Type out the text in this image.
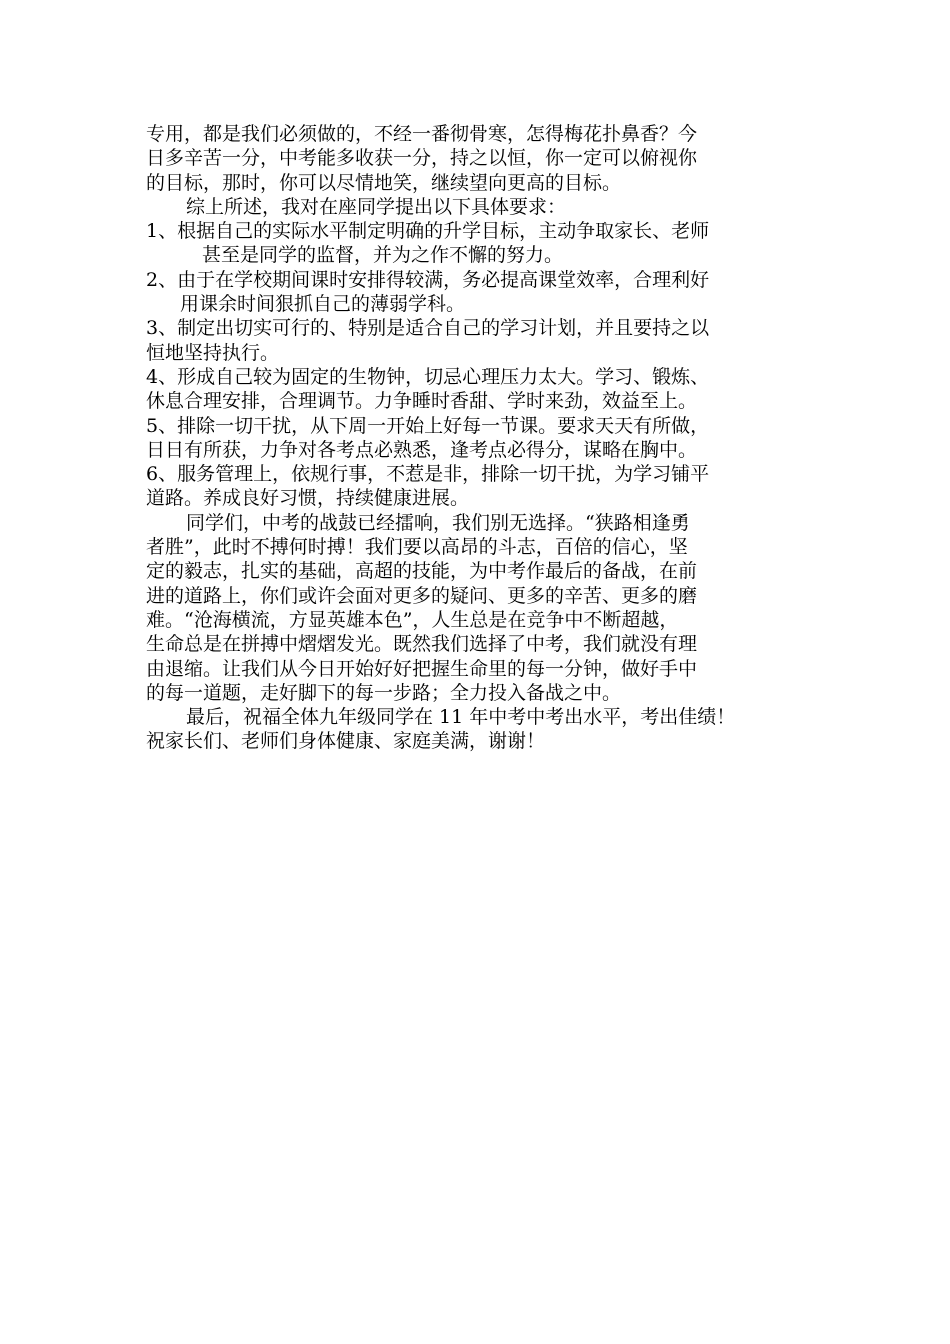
专用，都是我们必须做的，不经一番彻骨寒，怎得梅花扑鼻香？今
日多辛苦一分，中考能多收获一分，持之以恒，你一定可以俯视你
的目标，那时，你可以尽情地笑，继续望向更高的目标。
综上所述，我对在座同学提出以下具体要求：
1、根据自己的实际水平制定明确的升学目标，主动争取家长、老师
甚至是同学的监督，并为之作不懈的努力。
2、由于在学校期间课时安排得较满，务必提高课堂效率，合理利好
用课余时间狠抓自己的薄弱学科。
3、制定出切实可行的、特别是适合自己的学习计划，并且要持之以
恒地坚持执行。
4、形成自己较为固定的生物钟，切忌心理压力太大。学习、锻炼、
休息合理安排，合理调节。力争睡时香甜、学时来劲，效益至上。
5、排除一切干扰，从下周一开始上好每一节课。要求天天有所做，
日日有所获，力争对各考点必熟悉，逢考点必得分，谋略在胸中。
6、服务管理上，依规行事，不惹是非，排除一切干扰，为学习铺平
道路。养成良好习惯，持续健康进展。
同学们，中考的战鼓已经擂响，我们别无选择。“狭路相逢勇
者胜”，此时不搏何时搏！我们要以高昂的斗志，百倍的信心，坚
定的毅志，扎实的基础，高超的技能，为中考作最后的备战，在前
进的道路上，你们或许会面对更多的疑问、更多的辛苦、更多的磨
难。“沧海横流，方显英雄本色”，人生总是在竞争中不断超越，
生命总是在拼搏中熠熠发光。既然我们选择了中考，我们就没有理
由退缩。让我们从今日开始好好把握生命里的每一分钟，做好手中
的每一道题，走好脚下的每一步路；全力投入备战之中。
最后，祝福全体九年级同学在 11 年中考中考出水平，考出佳绩！
祝家长们、老师们身体健康、家庭美满，谢谢！
